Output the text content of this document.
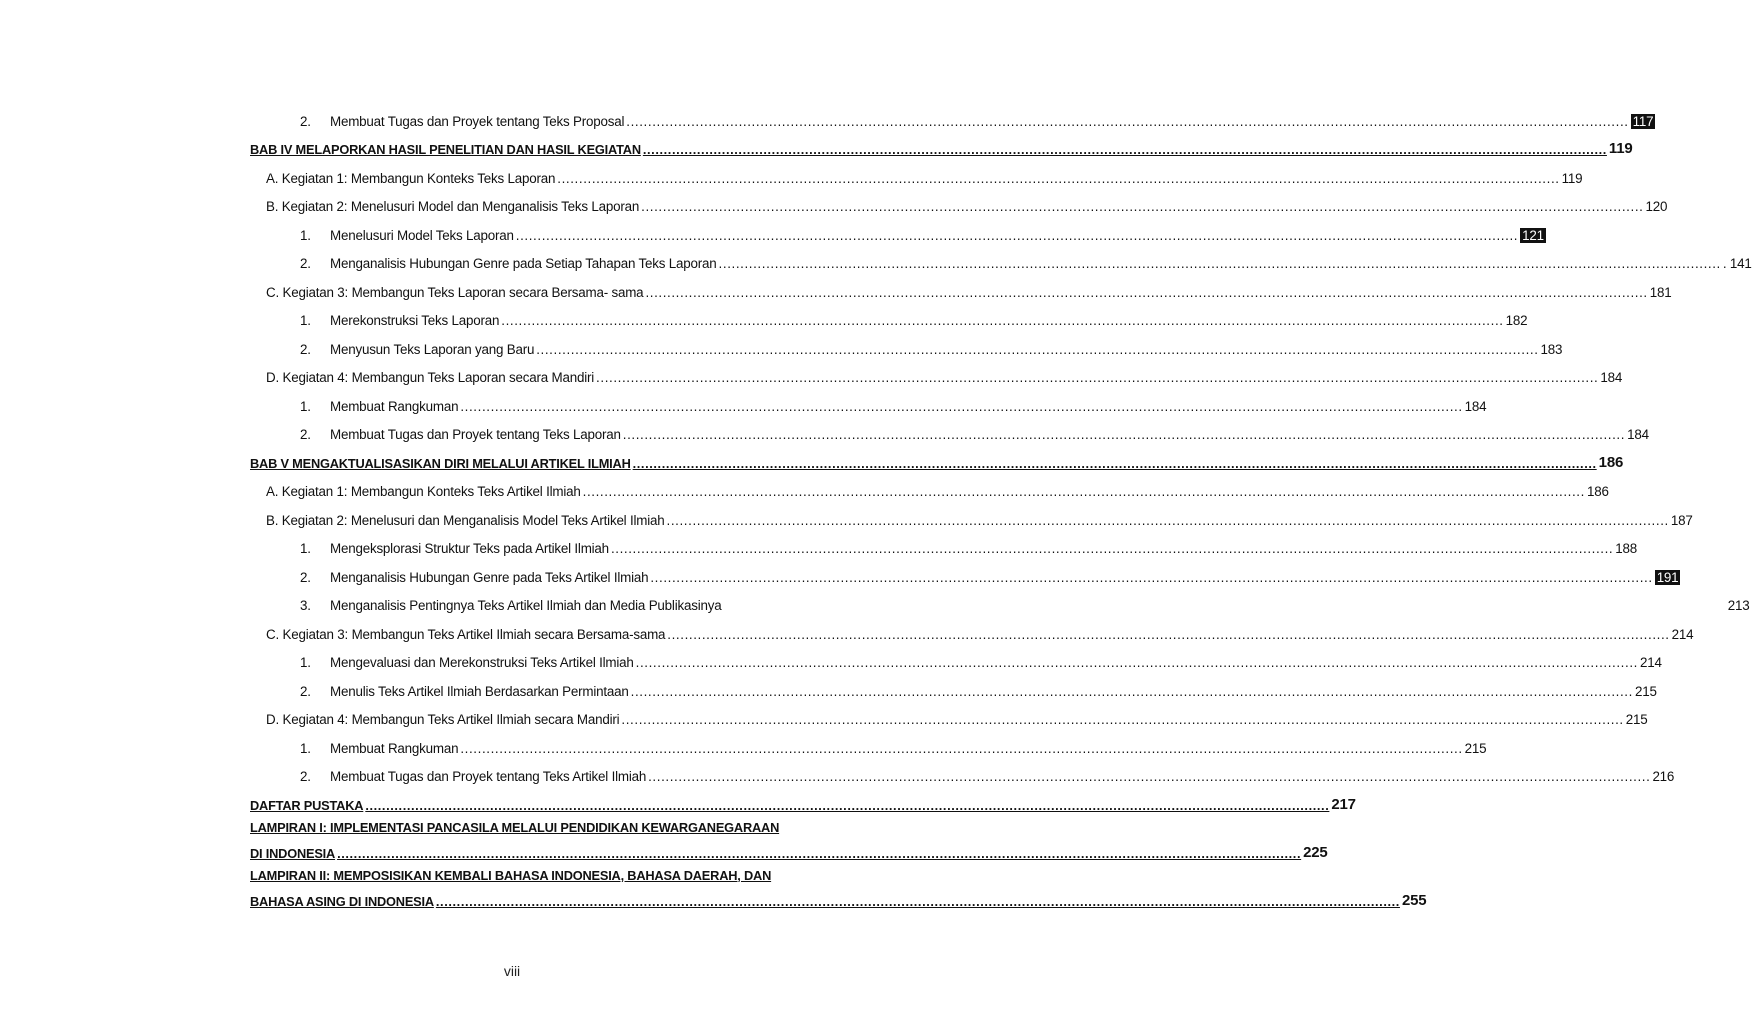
2.	Membuat Tugas dan Proyek tentang Teks Proposal .....	117
BAB IV MELAPORKAN HASIL PENELITIAN DAN HASIL KEGIATAN .....	119
A. Kegiatan 1: Membangun Konteks Teks Laporan .....	119
B. Kegiatan 2: Menelusuri Model dan Menganalisis Teks Laporan .....	120
1.	Menelusuri Model Teks Laporan .....	121
2.	Menganalisis Hubungan Genre pada Setiap Tahapan Teks Laporan .....	. 141
C. Kegiatan 3: Membangun Teks Laporan secara Bersama- sama .....	181
1.	Merekonstruksi Teks Laporan .....	182
2.	Menyusun Teks Laporan yang Baru .....	183
D. Kegiatan 4: Membangun Teks Laporan secara Mandiri .....	184
1.	Membuat Rangkuman .....	184
2.	Membuat Tugas dan Proyek tentang Teks Laporan .....	184
BAB V MENGAKTUALISASIKAN DIRI MELALUI ARTIKEL ILMIAH .....	186
A. Kegiatan 1: Membangun Konteks Teks Artikel Ilmiah .....	186
B. Kegiatan 2: Menelusuri dan Menganalisis Model Teks Artikel Ilmiah .....	187
1.	Mengeksplorasi Struktur Teks pada Artikel Ilmiah .....	188
2.	Menganalisis Hubungan Genre pada Teks Artikel Ilmiah .....	191
3.	Menganalisis Pentingnya Teks Artikel Ilmiah dan Media Publikasinya	213
C. Kegiatan 3: Membangun Teks Artikel Ilmiah secara Bersama-sama .....	214
1.	Mengevaluasi dan Merekonstruksi Teks Artikel Ilmiah .....	214
2.	Menulis Teks Artikel Ilmiah Berdasarkan Permintaan .....	215
D. Kegiatan 4: Membangun Teks Artikel Ilmiah secara Mandiri .....	215
1.	Membuat Rangkuman .....	215
2.	Membuat Tugas dan Proyek tentang Teks Artikel Ilmiah .....	216
DAFTAR PUSTAKA .....	217
LAMPIRAN I: IMPLEMENTASI PANCASILA MELALUI PENDIDIKAN KEWARGANEGARAAN
DI INDONESIA .....	225
LAMPIRAN II: MEMPOSISIKAN KEMBALI BAHASA INDONESIA, BAHASA DAERAH, DAN
BAHASA ASING DI INDONESIA .....	255
viii
